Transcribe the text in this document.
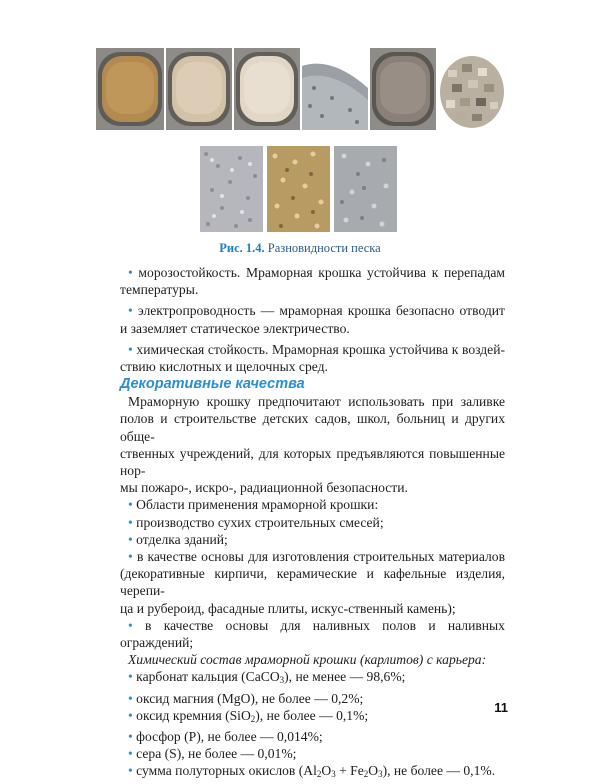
Рис. 1.4. Разновидности песка

• морозостойкость. Мраморная крошка устойчива к перепадам

температуры.

• электропроводность — мраморная крошка безопасно отводит

и заземляет статическое электричество.

• химическая стойкость. Мраморная крошка устойчива к воздей-

ствию кислотных и щелочных сред.

Декоративные качества

Мраморную крошку предпочитают использовать при заливке

полов и строительстве детских садов, школ, больниц и других обще-

ственных учреждений, для которых предъявляются повышенные нор-

мы пожаро-, искро-, радиационной безопасности.

• Области применения мраморной крошки:

• производство сухих строительных смесей;

• отделка зданий;

• в качестве основы для изготовления строительных материалов

(декоративные кирпичи, керамические и кафельные изделия, черепи-

ца и рубероид, фасадные плиты, искус-ственный камень);

• в качестве основы для наливных полов и наливных ограждений;

Химический состав мраморной крошки (карлитов) с карьера:

• карбонат кальция (CaCO$_3$), не менее — 98,6%;

• оксид магния (MgO), не более — 0,2%;

• оксид кремния (SiO$_2$), не более — 0,1%;

• фосфор (P), не более — 0,014%;

• сера (S), не более — 0,01%;

• сумма полуторных окислов $(Al_2O_3 + Fe_2O_3)$, не более — 0,1%.

11
